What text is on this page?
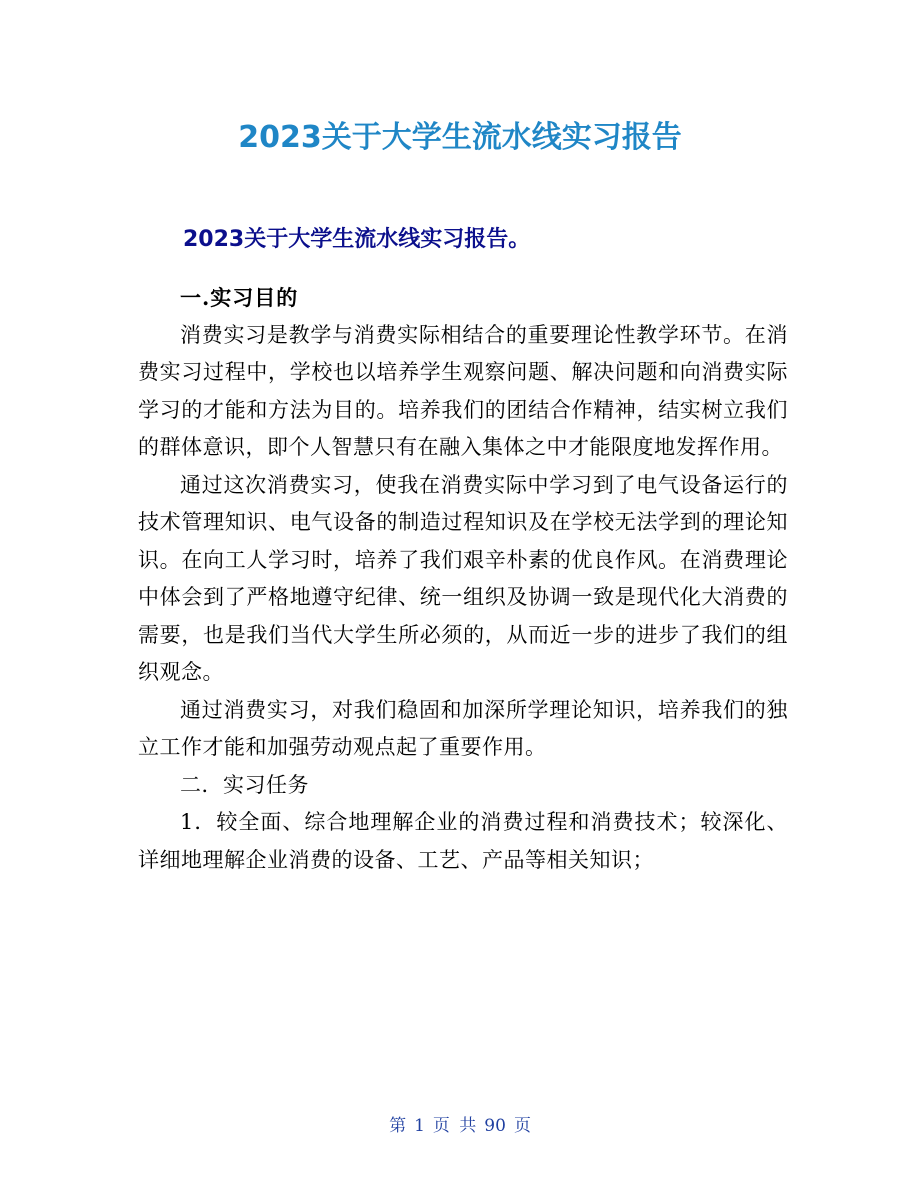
2023关于大学生流水线实习报告
2023关于大学生流水线实习报告。

一.实习目的

消费实习是教学与消费实际相结合的重要理论性教学环节。在消费实习过程中，学校也以培养学生观察问题、解决问题和向消费实际学习的才能和方法为目的。培养我们的团结合作精神，结实树立我们的群体意识，即个人智慧只有在融入集体之中才能限度地发挥作用。

通过这次消费实习，使我在消费实际中学习到了电气设备运行的技术管理知识、电气设备的制造过程知识及在学校无法学到的理论知识。在向工人学习时，培养了我们艰辛朴素的优良作风。在消费理论中体会到了严格地遵守纪律、统一组织及协调一致是现代化大消费的需要，也是我们当代大学生所必须的，从而近一步的进步了我们的组织观念。

通过消费实习，对我们稳固和加深所学理论知识，培养我们的独立工作才能和加强劳动观点起了重要作用。

二．实习任务

1．较全面、综合地理解企业的消费过程和消费技术；较深化、详细地理解企业消费的设备、工艺、产品等相关知识；

第 1 页 共 90 页
